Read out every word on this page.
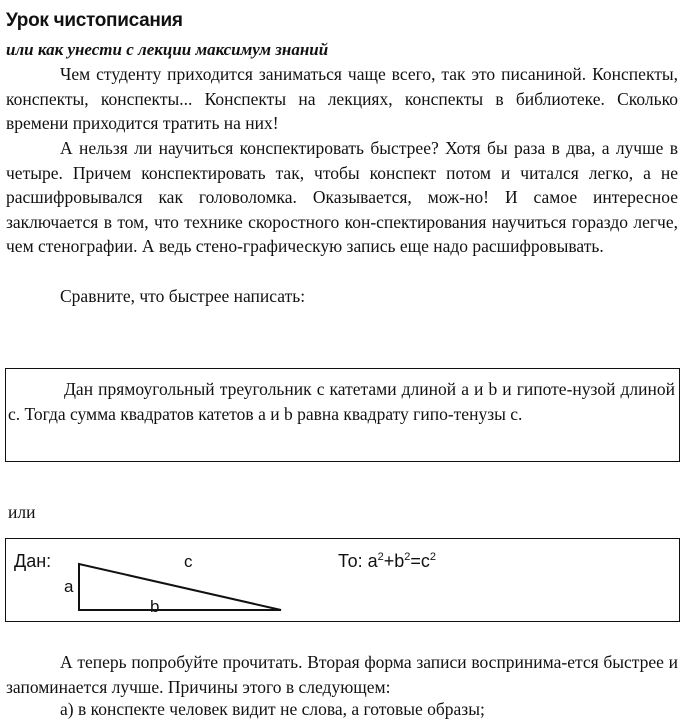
Урок чистописания
или как унести с лекции максимум знаний

Чем студенту приходится заниматься чаще всего, так это писаниной. Конспекты, конспекты, конспекты... Конспекты на лекциях, конспекты в библиотеке. Сколько времени приходится тратить на них!

А нельзя ли научиться конспектировать быстрее? Хотя бы раза в два, а лучше в четыре. Причем конспектировать так, чтобы конспект потом и читался легко, а не расшифровывался как головоломка. Оказывается, мож-но! И самое интересное заключается в том, что технике скоростного кон-спектирования научиться гораздо легче, чем стенографии. А ведь стено-графическую запись еще надо расшифровывать.

Сравните, что быстрее написать:

Дан прямоугольный треугольник с катетами длиной a и b и гипоте-нузой длиной c. Тогда сумма квадратов катетов a и b равна квадрату гипо-тенузы c.

или
Дан:	c
a
b
То: $a^2+b^2=c^2$

А теперь попробуйте прочитать. Вторая форма записи воспринима-ется быстрее и запоминается лучше. Причины этого в следующем:

а) в конспекте человек видит не слова, а готовые образы;
